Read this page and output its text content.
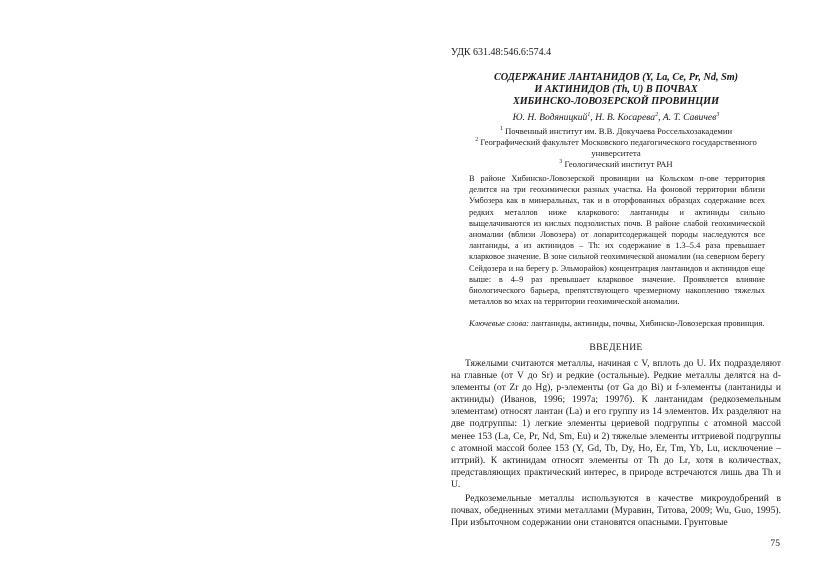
УДК 631.48:546.6:574.4
СОДЕРЖАНИЕ ЛАНТАНИДОВ (Y, La, Ce, Pr, Nd, Sm)
И АКТИНИДОВ (Th, U) В ПОЧВАХ
ХИБИНСКО-ЛОВОЗЕРСКОЙ ПРОВИНЦИИ
Ю. Н. Водяницкий$^1$, Н. В. Косарева$^2$, А. Т. Савичев$^3$
$^1$ Почвенный институт им. В.В. Докучаева Россельхозакадемии
$^2$ Географический факультет Московского педагогического государственного университета
$^3$ Геологический институт РАН
В районе Хибинско-Ловозерской провинции на Кольском п-ове территория делится на три геохимически разных участка. На фоновой территории вблизи Умбозера как в минеральных, так и в оторфованных образцах содержание всех редких металлов ниже кларкового: лантаниды и актиниды сильно выщелачиваются из кислых подзолистых почв. В районе слабой геохимической аномалии (вблизи Ловозера) от лопаритсодержащей породы наследуются все лантаниды, а из актинидов – Th: их содержание в 1.3–5.4 раза превышает кларковое значение. В зоне сильной геохимической аномалии (на северном берегу Сейдозера и на берегу р. Эльморайок) концентрация лантанидов и актинидов еще выше: в 4–9 раз превышает кларковое значение. Проявляется влияние биологического барьера, препятствующего чрезмерному накоплению тяжелых металлов во мхах на территории геохимической аномалии.
Ключевые слова: лантаниды, актиниды, почвы, Хибинско-Ловозерская провинция.
ВВЕДЕНИЕ

Тяжелыми считаются металлы, начиная с V, вплоть до U. Их подразделяют на главные (от V до Sr) и редкие (остальные). Редкие металлы делятся на d-элементы (от Zr до Hg), p-элементы (от Ga до Bi) и f-элементы (лантаниды и актиниды) (Иванов, 1996; 1997а; 1997б). К лантанидам (редкоземельным элементам) относят лантан (La) и его группу из 14 элементов. Их разделяют на две подгруппы: 1) легкие элементы цериевой подгруппы с атомной массой менее 153 (La, Ce, Pr, Nd, Sm, Eu) и 2) тяжелые элементы иттриевой подгруппы с атомной массой более 153 (Y, Gd, Tb, Dy, Ho, Er, Tm, Yb, Lu, исключение – иттрий). К актинидам относят элементы от Th до Lr, хотя в количествах, представляющих практический интерес, в природе встречаются лишь два Th и U.

Редкоземельные металлы используются в качестве микроудобрений в почвах, обедненных этими металлами (Муравин, Титова, 2009; Wu, Guo, 1995). При избыточном содержании они становятся опасными. Грунтовые

75
